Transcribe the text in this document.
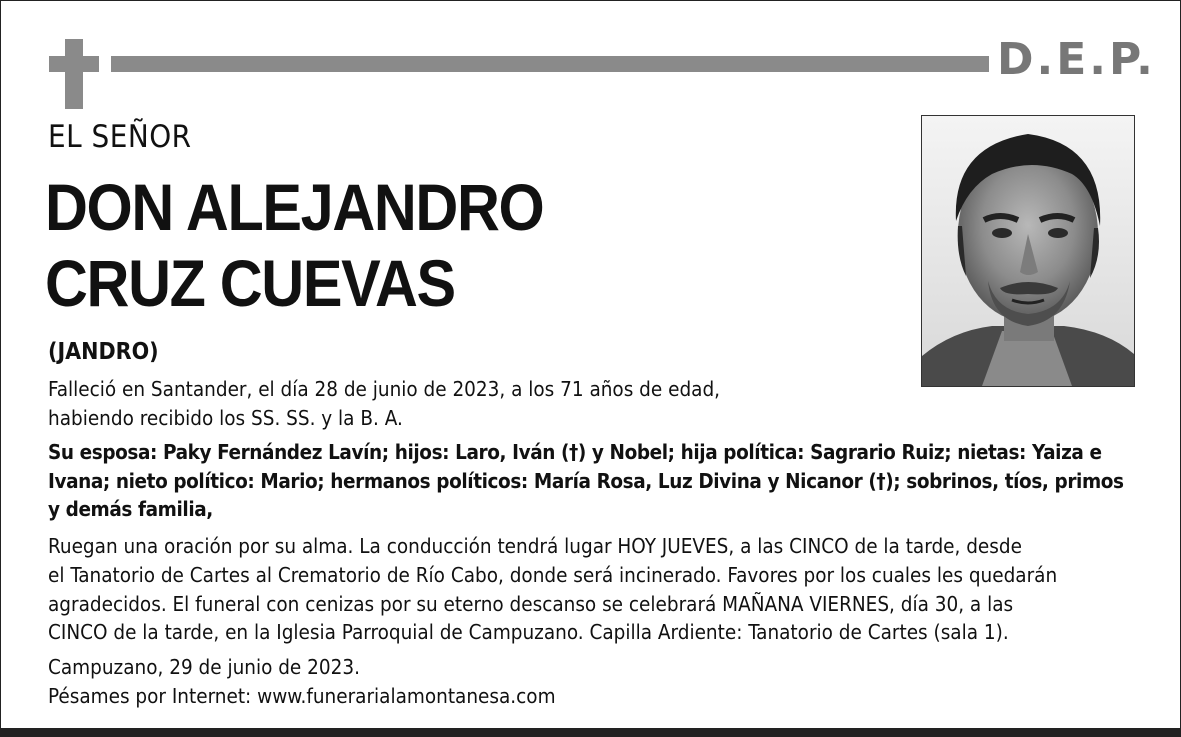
D.E.P.
EL SEÑOR
DON ALEJANDRO
CRUZ CUEVAS
(JANDRO)
Falleció en Santander, el día 28 de junio de 2023, a los 71 años de edad,
habiendo recibido los SS. SS. y la B. A.
Su esposa: Paky Fernández Lavín; hijos: Laro, Iván (†) y Nobel; hija política: Sagrario Ruiz; nietas: Yaiza e
Ivana; nieto político: Mario; hermanos políticos: María Rosa, Luz Divina y Nicanor (†); sobrinos, tíos, primos
y demás familia,
Ruegan una oración por su alma. La conducción tendrá lugar HOY JUEVES, a las CINCO de la tarde, desde
el Tanatorio de Cartes al Crematorio de Río Cabo, donde será incinerado. Favores por los cuales les quedarán
agradecidos. El funeral con cenizas por su eterno descanso se celebrará MAÑANA VIERNES, día 30, a las
CINCO de la tarde, en la Iglesia Parroquial de Campuzano. Capilla Ardiente: Tanatorio de Cartes (sala 1).
Campuzano, 29 de junio de 2023.
Pésames por Internet: www.funerarialamontanesa.com
